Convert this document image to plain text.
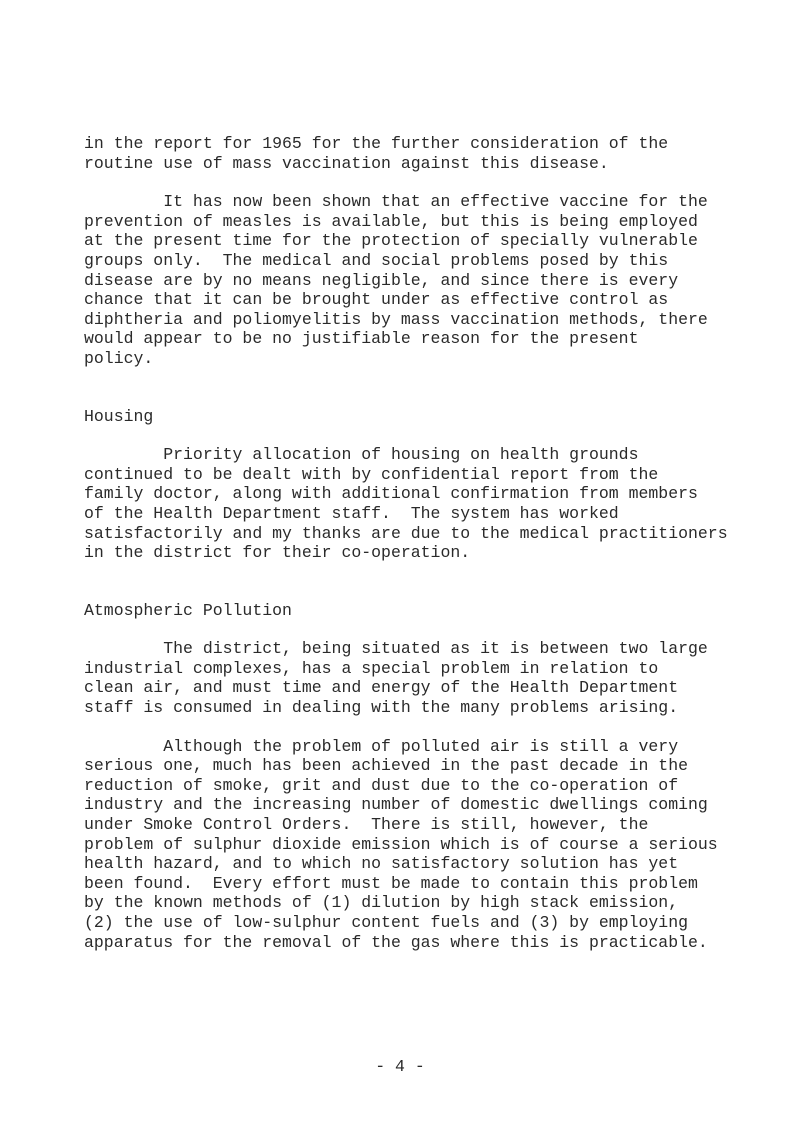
in the report for 1965 for the further consideration of the
routine use of mass vaccination against this disease.
It has now been shown that an effective vaccine for the
prevention of measles is available, but this is being employed
at the present time for the protection of specially vulnerable
groups only.  The medical and social problems posed by this
disease are by no means negligible, and since there is every
chance that it can be brought under as effective control as
diphtheria and poliomyelitis by mass vaccination methods, there
would appear to be no justifiable reason for the present
policy.
Housing
Priority allocation of housing on health grounds
continued to be dealt with by confidential report from the
family doctor, along with additional confirmation from members
of the Health Department staff.  The system has worked
satisfactorily and my thanks are due to the medical practitioners
in the district for their co-operation.
Atmospheric Pollution
The district, being situated as it is between two large
industrial complexes, has a special problem in relation to
clean air, and must time and energy of the Health Department
staff is consumed in dealing with the many problems arising.
Although the problem of polluted air is still a very
serious one, much has been achieved in the past decade in the
reduction of smoke, grit and dust due to the co-operation of
industry and the increasing number of domestic dwellings coming
under Smoke Control Orders.  There is still, however, the
problem of sulphur dioxide emission which is of course a serious
health hazard, and to which no satisfactory solution has yet
been found.  Every effort must be made to contain this problem
by the known methods of (1) dilution by high stack emission,
(2) the use of low-sulphur content fuels and (3) by employing
apparatus for the removal of the gas where this is practicable.
- 4 -
